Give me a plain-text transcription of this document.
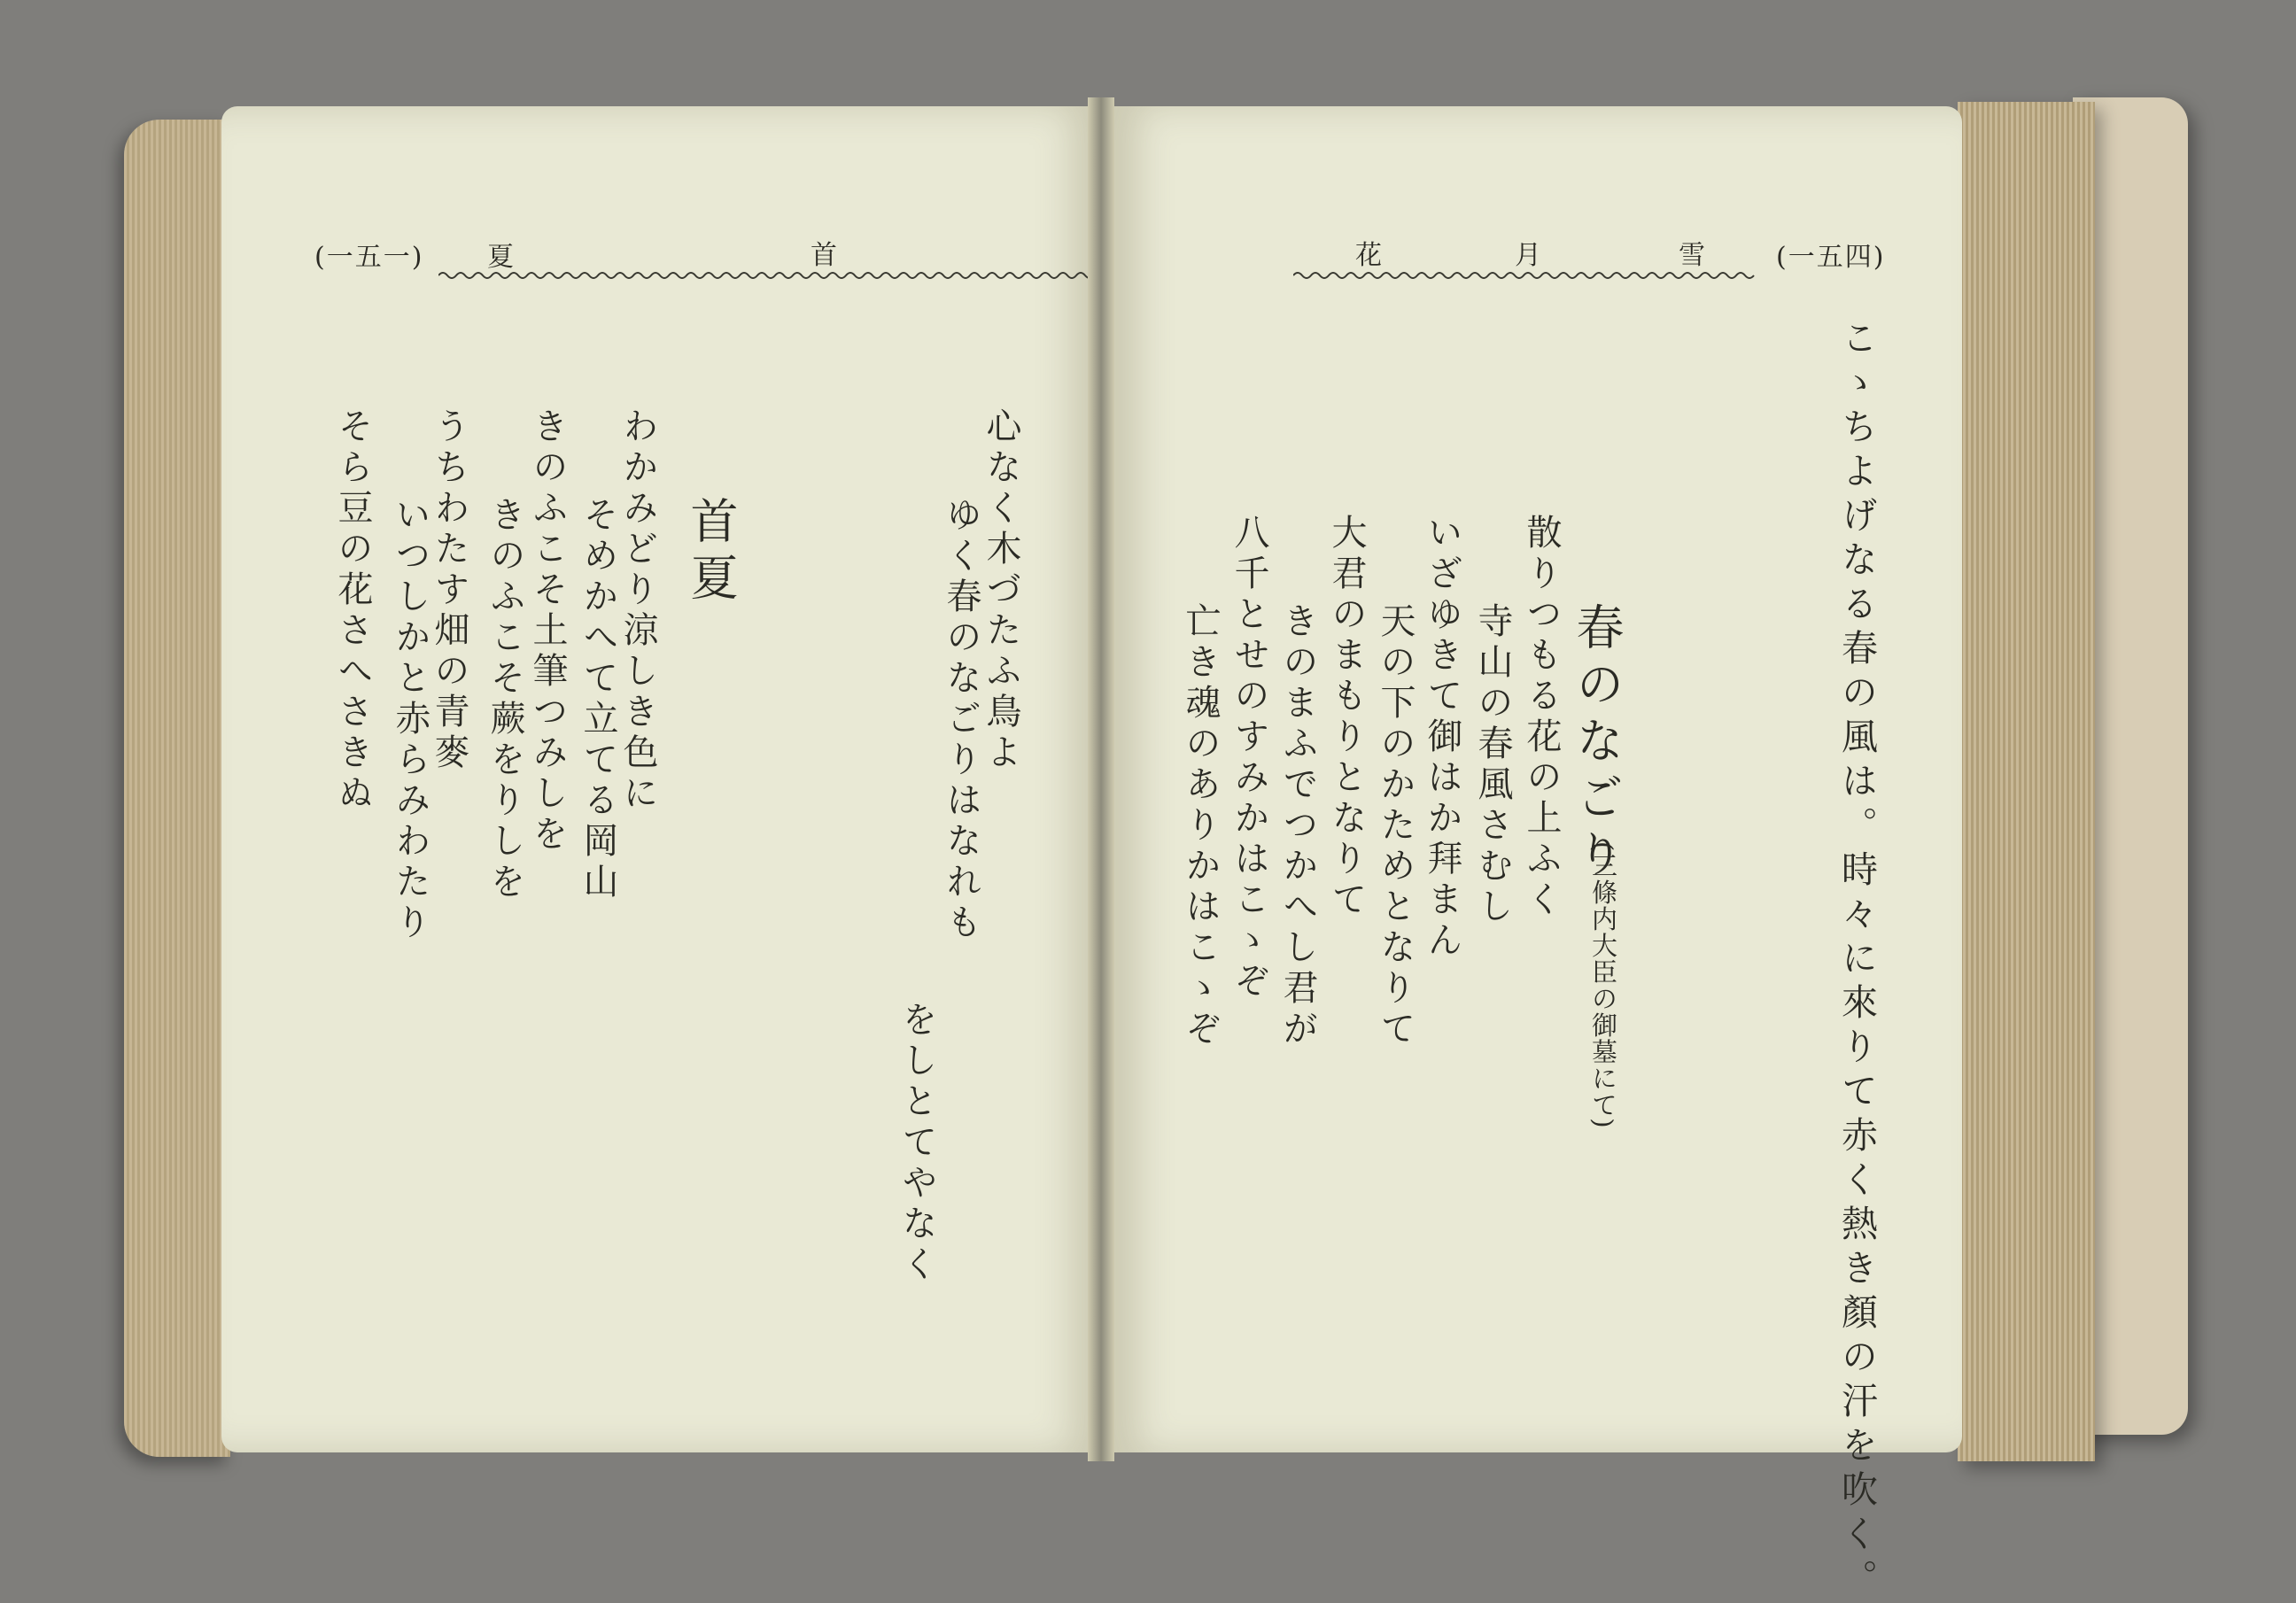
(一五一) 夏	首
心なく木づたふ鳥よ
ゆく春のなごりはなれも
をしとてやなく
首夏
わかみどり涼しき色に
そめかへて立てる岡山
きのふこそ土筆つみしを
きのふこそ蕨をりしを
うちわたす畑の青麥
いつしかと赤らみわたり
そら豆の花さへさきぬ
花	月	雪	(一五四)
こゝちよげなる春の風は。時々に來りて赤く熱き顏の汗を吹く。
春のなごり
(三條内大臣の御墓にて)
散りつもる花の上ふく
寺山の春風さむし
いざゆきて御はか拜まん
天の下のかためとなりて
大君のまもりとなりて
きのまふでつかへし君が
八千とせのすみかはこゝぞ
亡き魂のありかはこゝぞ
